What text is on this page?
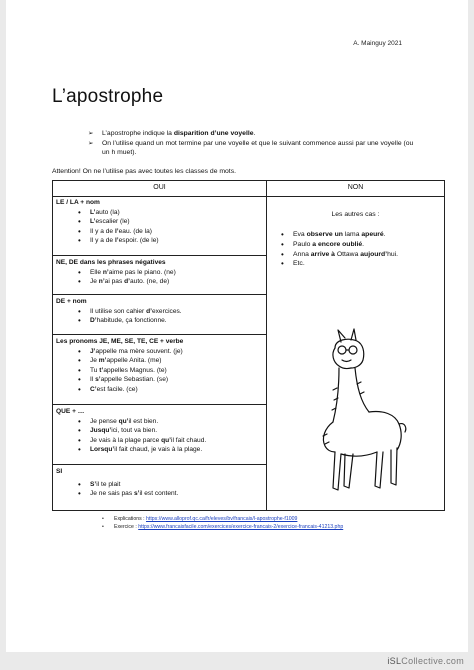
A. Mainguy 2021
L’apostrophe
➢	L’apostrophe indique la disparition d’une voyelle.
➢	On l’utilise quand un mot termine par une voyelle et que le suivant commence aussi par une voyelle (ou un h muet).
Attention! On ne l’utilise pas avec toutes les classes de mots.
OUI	NON
LE / LA + nom
• L’auto (la)
• L’escalier (le)
• Il y a de l’eau. (de la)
• Il y a de l’espoir. (de le)
NE, DE dans les phrases négatives
• Elle n’aime pas le piano. (ne)
• Je n’ai pas d’auto. (ne, de)
DE + nom
• Il utilise son cahier d’exercices.
• D’habitude, ça fonctionne.
Les pronoms JE, ME, SE, TE, CE + verbe
• J’appelle ma mère souvent. (je)
• Je m’appelle Anita. (me)
• Tu t’appelles Magnus. (te)
• Il s’appelle Sebastian. (se)
• C’est facile. (ce)
QUE + …
• Je pense qu’il est bien.
• Jusqu’ici, tout va bien.
• Je vais à la plage parce qu’il fait chaud.
• Lorsqu’il fait chaud, je vais à la plage.
SI
• S’il te plait
• Je ne sais pas s’il est content.
Les autres cas :
• Eva observe un lama apeuré.
• Paulo a encore oublié.
• Anna arrive à Ottawa aujourd’hui.
• Etc.
•	Explications : https://www.alloprof.qc.ca/fr/eleves/bv/francais/l-apostrophe-f1009
•	Exercice : https://www.francaisfacile.com/exercices/exercice-francais-2/exercice-francais-41213.php
iSLCollective.com
